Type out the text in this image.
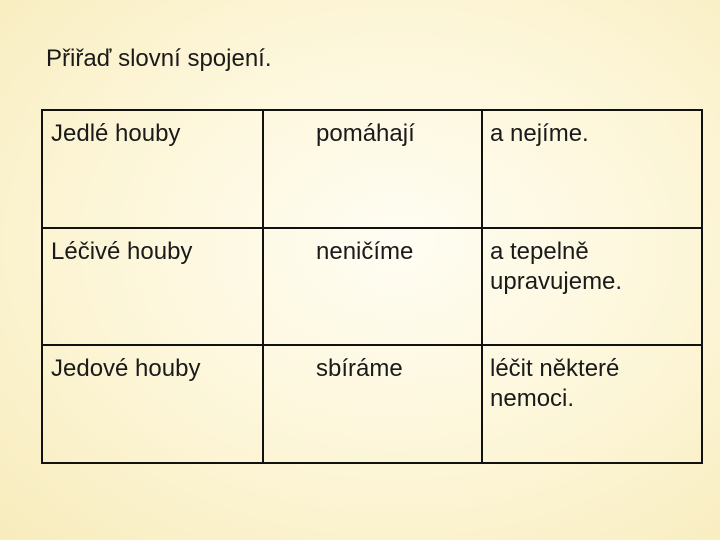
Přiřaď slovní spojení.
Jedlé houby	pomáhají	a nejíme.

Léčivé houby	neničíme	a tepelně upravujeme.

Jedové houby	sbíráme	léčit některé nemoci.
